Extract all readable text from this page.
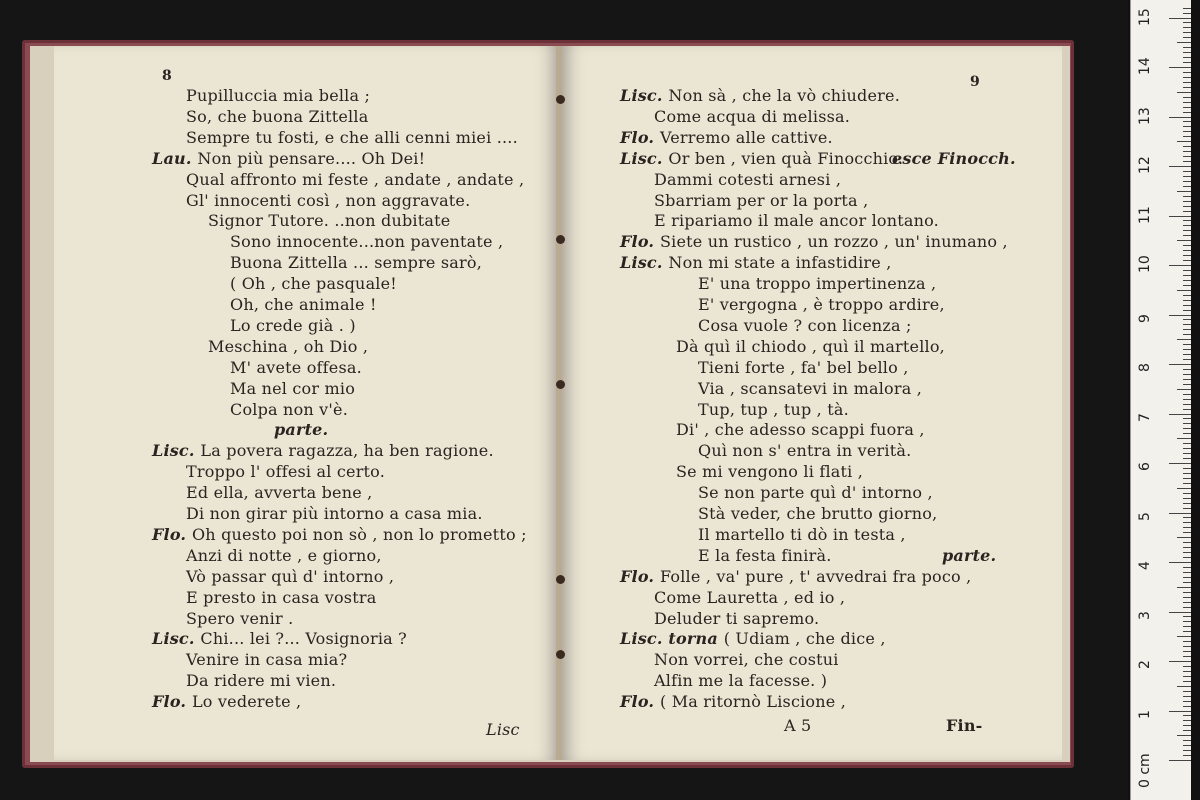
8
Pupilluccia mia bella ;
So, che buona Zittella
Sempre tu fosti, e che alli cenni miei ....
Lau. Non più pensare.... Oh Dei!
Qual affronto mi feste , andate , andate ,
Gl' innocenti così , non aggravate.
Signor Tutore. ..non dubitate
Sono innocente...non paventate ,
Buona Zittella ... sempre sarò,
( Oh , che pasquale!
Oh, che animale !
Lo crede già . )
Meschina , oh Dio ,
M' avete offesa.
Ma nel cor mio
Colpa non v'è.
parte.
Lisc. La povera ragazza, ha ben ragione.
Troppo l' offesi al certo.
Ed ella, avverta bene ,
Di non girar più intorno a casa mia.
Flo. Oh questo poi non sò , non lo prometto ;
Anzi di notte , e giorno,
Vò passar quì d' intorno ,
E presto in casa vostra
Spero venir .
Lisc. Chi... lei ?... Vosignoria ?
Venire in casa mia?
Da ridere mi vien.
Flo. Lo vederete ,
Lisc
9
Lisc. Non sà , che la vò chiudere.
Come acqua di melissa.
Flo. Verremo alle cattive.
Lisc. Or ben , vien quà Finocchio.
esce Finocch.
Dammi cotesti arnesi ,
Sbarriam per or la porta ,
E ripariamo il male ancor lontano.
Flo. Siete un rustico , un rozzo , un' inumano ,
Lisc. Non mi state a infastidire ,
E' una troppo impertinenza ,
E' vergogna , è troppo ardire,
Cosa vuole ? con licenza ;
Dà quì il chiodo , quì il martello,
Tieni forte , fa' bel bello ,
Via , scansatevi in malora ,
Tup, tup , tup , tà.
Di' , che adesso scappi fuora ,
Quì non s' entra in verità.
Se mi vengono li flati ,
Se non parte quì d' intorno ,
Stà veder, che brutto giorno,
Il martello ti dò in testa ,
E la festa finirà.	parte.
Flo. Folle , va' pure , t' avvedrai fra poco ,
Come Lauretta , ed io ,
Deluder ti sapremo.
Lisc. torna ( Udiam , che dice ,
Non vorrei, che costui
Alfin me la facesse. )
Flo. ( Ma ritornò Liscione ,
A 5	Fin-
0 cm
1
2
3
4
5
6
7
8
9
10
11
12
13
14
15
